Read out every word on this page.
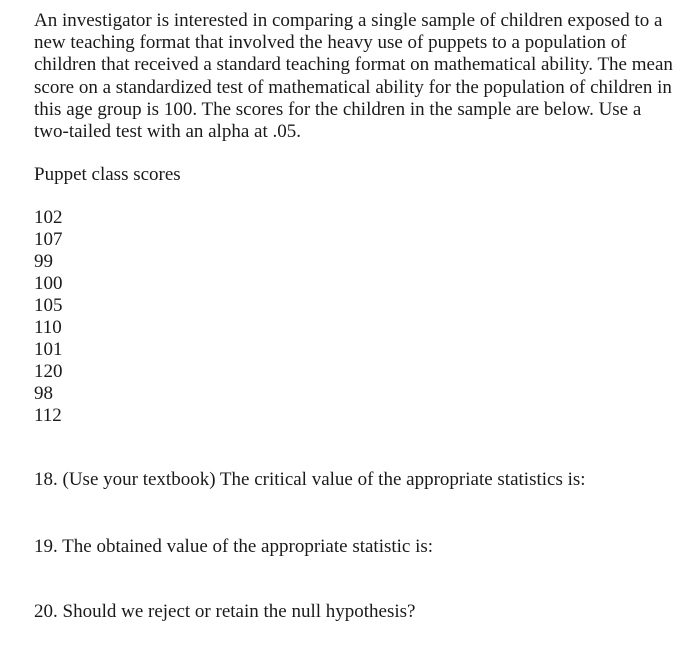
An investigator is interested in comparing a single sample of children exposed to a new teaching format that involved the heavy use of puppets to a population of children that received a standard teaching format on mathematical ability. The mean score on a standardized test of mathematical ability for the population of children in this age group is 100. The scores for the children in the sample are below. Use a two-tailed test with an alpha at .05.

Puppet class scores

102
107
99
100
105
110
101
120
98
112

18. (Use your textbook) The critical value of the appropriate statistics is:

19. The obtained value of the appropriate statistic is:

20. Should we reject or retain the null hypothesis?
